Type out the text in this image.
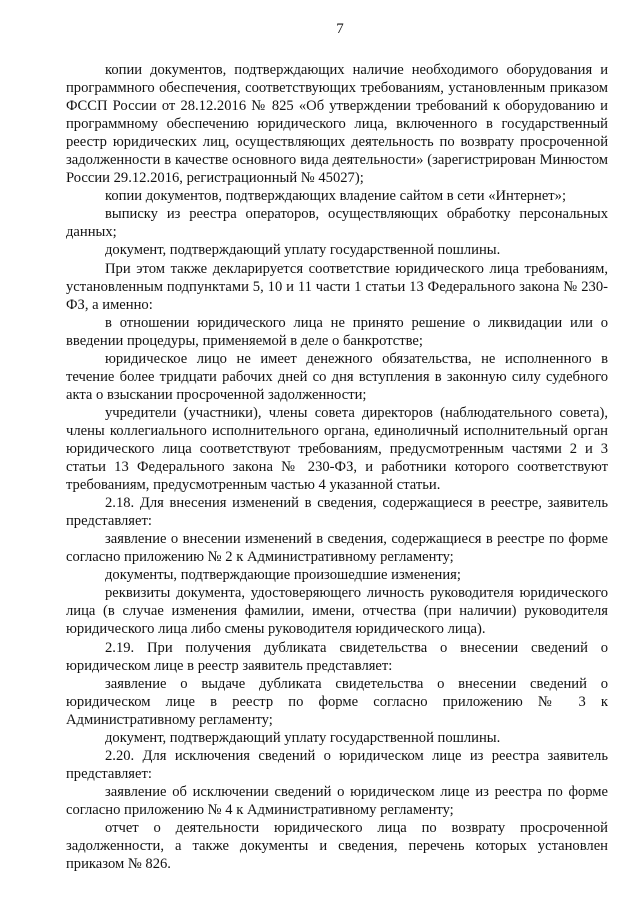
7

копии документов, подтверждающих наличие необходимого оборудования и программного обеспечения, соответствующих требованиям, установленным приказом ФССП России от 28.12.2016 № 825 «Об утверждении требований к оборудованию и программному обеспечению юридического лица, включенного в государственный реестр юридических лиц, осуществляющих деятельность по возврату просроченной задолженности в качестве основного вида деятельности» (зарегистрирован Минюстом России 29.12.2016, регистрационный № 45027);

копии документов, подтверждающих владение сайтом в сети «Интернет»;

выписку из реестра операторов, осуществляющих обработку персональных данных;

документ, подтверждающий уплату государственной пошлины.

При этом также декларируется соответствие юридического лица требованиям, установленным подпунктами 5, 10 и 11 части 1 статьи 13 Федерального закона № 230-ФЗ, а именно:

в отношении юридического лица не принято решение о ликвидации или о введении процедуры, применяемой в деле о банкротстве;

юридическое лицо не имеет денежного обязательства, не исполненного в течение более тридцати рабочих дней со дня вступления в законную силу судебного акта о взыскании просроченной задолженности;

учредители (участники), члены совета директоров (наблюдательного совета), члены коллегиального исполнительного органа, единоличный исполнительный орган юридического лица соответствуют требованиям, предусмотренным частями 2 и 3 статьи 13 Федерального закона № 230-ФЗ, и работники которого соответствуют требованиям, предусмотренным частью 4 указанной статьи.

2.18. Для внесения изменений в сведения, содержащиеся в реестре, заявитель представляет:

заявление о внесении изменений в сведения, содержащиеся в реестре по форме согласно приложению № 2 к Административному регламенту;

документы, подтверждающие произошедшие изменения;

реквизиты документа, удостоверяющего личность руководителя юридического лица (в случае изменения фамилии, имени, отчества (при наличии) руководителя юридического лица либо смены руководителя юридического лица).

2.19. При получения дубликата свидетельства о внесении сведений о юридическом лице в реестр заявитель представляет:

заявление о выдаче дубликата свидетельства о внесении сведений о юридическом лице в реестр по форме согласно приложению № 3 к Административному регламенту;

документ, подтверждающий уплату государственной пошлины.

2.20. Для исключения сведений о юридическом лице из реестра заявитель представляет:

заявление об исключении сведений о юридическом лице из реестра по форме согласно приложению № 4 к Административному регламенту;

отчет о деятельности юридического лица по возврату просроченной задолженности, а также документы и сведения, перечень которых установлен приказом № 826.
